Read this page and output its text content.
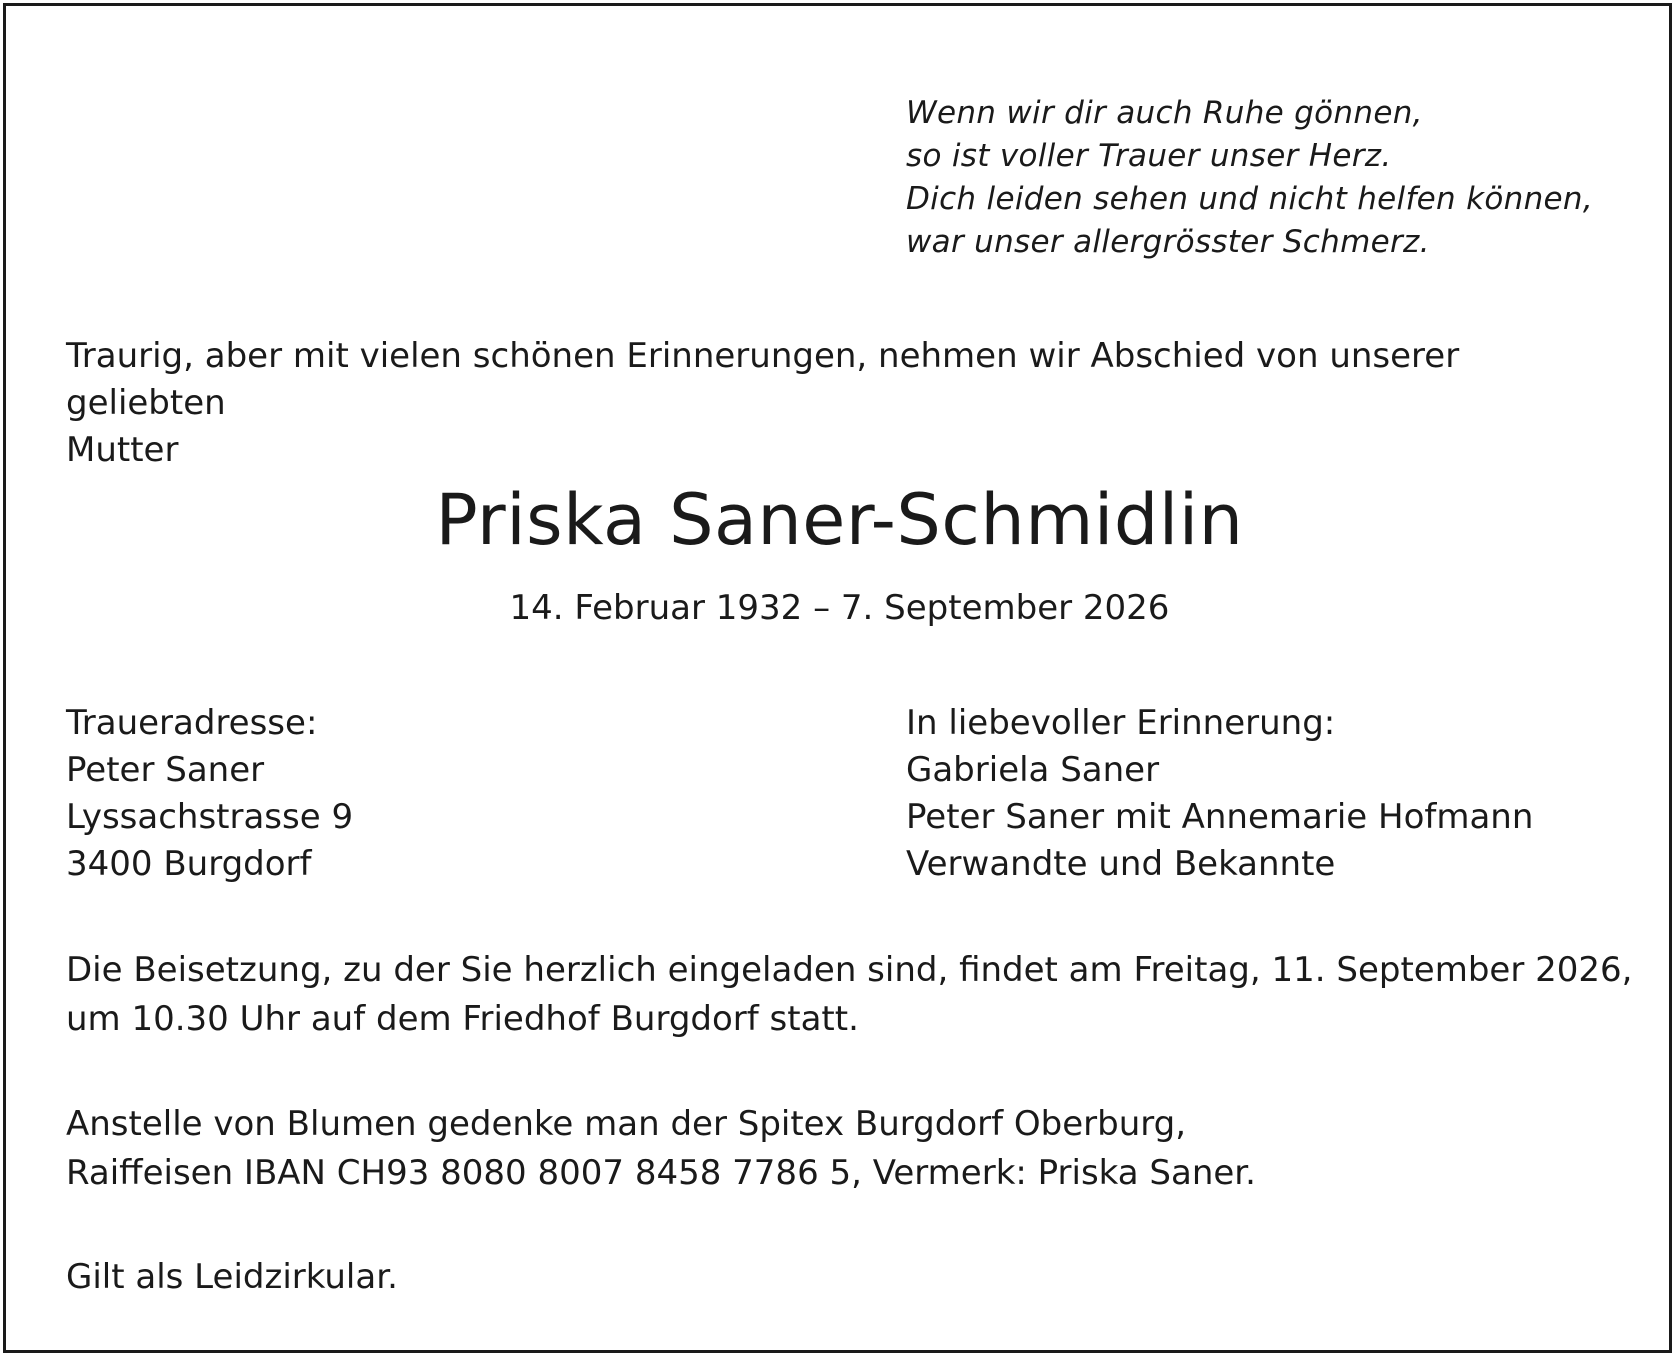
Wenn wir dir auch Ruhe gönnen,
so ist voller Trauer unser Herz.
Dich leiden sehen und nicht helfen können,
war unser allergrösster Schmerz.
Traurig, aber mit vielen schönen Erinnerungen, nehmen wir Abschied von unserer geliebten
Mutter
Priska Saner-Schmidlin
14. Februar 1932 – 7. September 2026
Traueradresse:
Peter Saner
Lyssachstrasse 9
3400 Burgdorf
In liebevoller Erinnerung:
Gabriela Saner
Peter Saner mit Annemarie Hofmann
Verwandte und Bekannte
Die Beisetzung, zu der Sie herzlich eingeladen sind, findet am Freitag, 11. September 2026,
um 10.30 Uhr auf dem Friedhof Burgdorf statt.
Anstelle von Blumen gedenke man der Spitex Burgdorf Oberburg,
Raiffeisen IBAN CH93 8080 8007 8458 7786 5, Vermerk: Priska Saner.
Gilt als Leidzirkular.
